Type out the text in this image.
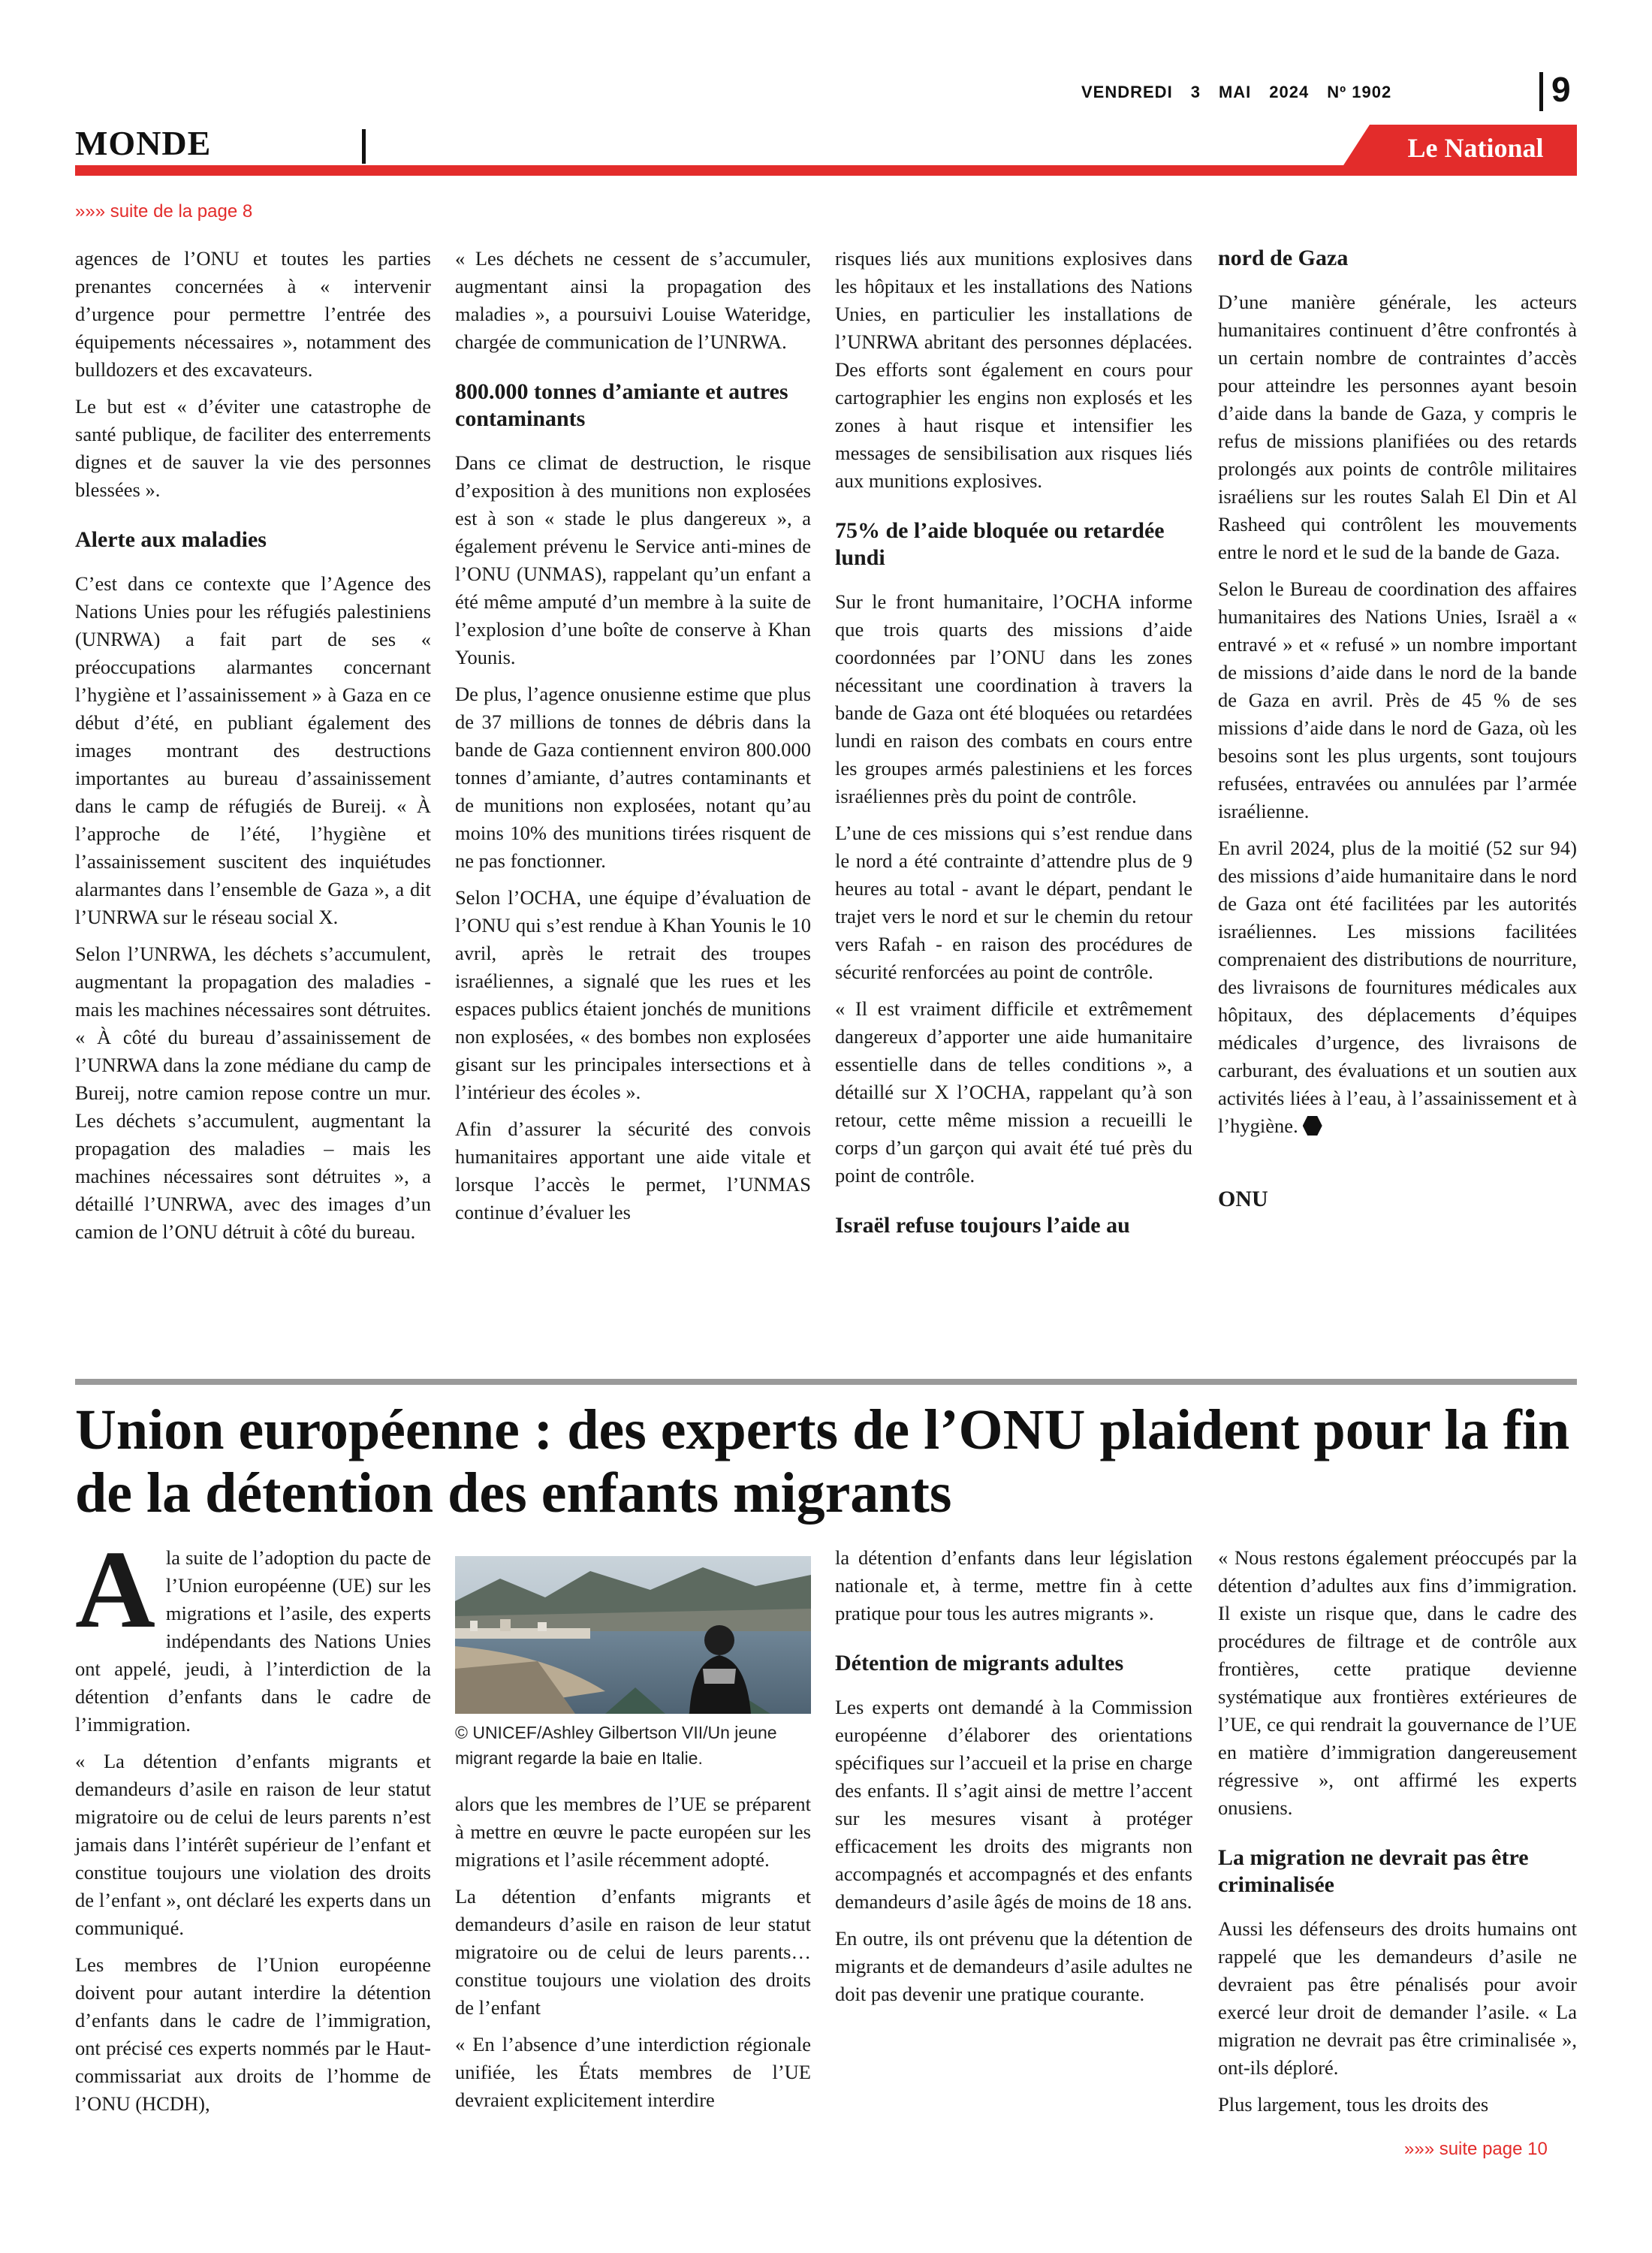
VENDREDI 3 MAI 2024 Nº 1902	9
MONDE	Le National
»»» suite de la page 8

agences de l’ONU et toutes les parties prenantes concernées à « intervenir d’urgence pour permettre l’entrée des équipements nécessaires », notamment des bulldozers et des excavateurs.

Le but est « d’éviter une catastrophe de santé publique, de faciliter des enterrements dignes et de sauver la vie des personnes blessées ».

Alerte aux maladies

C’est dans ce contexte que l’Agence des Nations Unies pour les réfugiés palestiniens (UNRWA) a fait part de ses « préoccupations alarmantes concernant l’hygiène et l’assainissement » à Gaza en ce début d’été, en publiant également des images montrant des destructions importantes au bureau d’assainissement dans le camp de réfugiés de Bureij. « À l’approche de l’été, l’hygiène et l’assainissement suscitent des inquiétudes alarmantes dans l’ensemble de Gaza », a dit l’UNRWA sur le réseau social X.

Selon l’UNRWA, les déchets s’accumulent, augmentant la propagation des maladies - mais les machines nécessaires sont détruites. « À côté du bureau d’assainissement de l’UNRWA dans la zone médiane du camp de Bureij, notre camion repose contre un mur. Les déchets s’accumulent, augmentant la propagation des maladies – mais les machines nécessaires sont détruites », a détaillé l’UNRWA, avec des images d’un camion de l’ONU détruit à côté du bureau.

« Les déchets ne cessent de s’accumuler, augmentant ainsi la propagation des maladies », a poursuivi Louise Wateridge, chargée de communication de l’UNRWA.

800.000 tonnes d’amiante et autres contaminants

Dans ce climat de destruction, le risque d’exposition à des munitions non explosées est à son « stade le plus dangereux », a également prévenu le Service anti-mines de l’ONU (UNMAS), rappelant qu’un enfant a été même amputé d’un membre à la suite de l’explosion d’une boîte de conserve à Khan Younis.

De plus, l’agence onusienne estime que plus de 37 millions de tonnes de débris dans la bande de Gaza contiennent environ 800.000 tonnes d’amiante, d’autres contaminants et de munitions non explosées, notant qu’au moins 10% des munitions tirées risquent de ne pas fonctionner.

Selon l’OCHA, une équipe d’évaluation de l’ONU qui s’est rendue à Khan Younis le 10 avril, après le retrait des troupes israéliennes, a signalé que les rues et les espaces publics étaient jonchés de munitions non explosées, « des bombes non explosées gisant sur les principales intersections et à l’intérieur des écoles ».

Afin d’assurer la sécurité des convois humanitaires apportant une aide vitale et lorsque l’accès le permet, l’UNMAS continue d’évaluer les

risques liés aux munitions explosives dans les hôpitaux et les installations des Nations Unies, en particulier les installations de l’UNRWA abritant des personnes déplacées. Des efforts sont également en cours pour cartographier les engins non explosés et les zones à haut risque et intensifier les messages de sensibilisation aux risques liés aux munitions explosives.

75% de l’aide bloquée ou retardée lundi

Sur le front humanitaire, l’OCHA informe que trois quarts des missions d’aide coordonnées par l’ONU dans les zones nécessitant une coordination à travers la bande de Gaza ont été bloquées ou retardées lundi en raison des combats en cours entre les groupes armés palestiniens et les forces israéliennes près du point de contrôle.

L’une de ces missions qui s’est rendue dans le nord a été contrainte d’attendre plus de 9 heures au total - avant le départ, pendant le trajet vers le nord et sur le chemin du retour vers Rafah - en raison des procédures de sécurité renforcées au point de contrôle.

« Il est vraiment difficile et extrêmement dangereux d’apporter une aide humanitaire essentielle dans de telles conditions », a détaillé sur X l’OCHA, rappelant qu’à son retour, cette même mission a recueilli le corps d’un garçon qui avait été tué près du point de contrôle.

Israël refuse toujours l’aide au
nord de Gaza

D’une manière générale, les acteurs humanitaires continuent d’être confrontés à un certain nombre de contraintes d’accès pour atteindre les personnes ayant besoin d’aide dans la bande de Gaza, y compris le refus de missions planifiées ou des retards prolongés aux points de contrôle militaires israéliens sur les routes Salah El Din et Al Rasheed qui contrôlent les mouvements entre le nord et le sud de la bande de Gaza.

Selon le Bureau de coordination des affaires humanitaires des Nations Unies, Israël a « entravé » et « refusé » un nombre important de missions d’aide dans le nord de la bande de Gaza en avril. Près de 45 % de ses missions d’aide dans le nord de Gaza, où les besoins sont les plus urgents, sont toujours refusées, entravées ou annulées par l’armée israélienne.

En avril 2024, plus de la moitié (52 sur 94) des missions d’aide humanitaire dans le nord de Gaza ont été facilitées par les autorités israéliennes. Les missions facilitées comprenaient des distributions de nourriture, des livraisons de fournitures médicales aux hôpitaux, des déplacements d’équipes médicales d’urgence, des livraisons de carburant, des évaluations et un soutien aux activités liées à l’eau, à l’assainissement et à l’hygiène.

ONU
Union européenne : des experts de l’ONU plaident pour la fin de la détention des enfants migrants

Ala suite de l’adoption du pacte de l’Union européenne (UE) sur les migrations et l’asile, des experts indépendants des Nations Unies ont appelé, jeudi, à l’interdiction de la détention d’enfants dans le cadre de l’immigration.

« La détention d’enfants migrants et demandeurs d’asile en raison de leur statut migratoire ou de celui de leurs parents n’est jamais dans l’intérêt supérieur de l’enfant et constitue toujours une violation des droits de l’enfant », ont déclaré les experts dans un communiqué.

Les membres de l’Union européenne doivent pour autant interdire la détention d’enfants dans le cadre de l’immigration, ont précisé ces experts nommés par le Haut-commissariat aux droits de l’homme de l’ONU (HCDH),

© UNICEF/Ashley Gilbertson VII/Un jeune migrant regarde la baie en Italie.

alors que les membres de l’UE se préparent à mettre en œuvre le pacte européen sur les migrations et l’asile récemment adopté.

La détention d’enfants migrants et demandeurs d’asile en raison de leur statut migratoire ou de celui de leurs parents… constitue toujours une violation des droits de l’enfant

« En l’absence d’une interdiction régionale unifiée, les États membres de l’UE devraient explicitement interdire

la détention d’enfants dans leur législation nationale et, à terme, mettre fin à cette pratique pour tous les autres migrants ».

Détention de migrants adultes

Les experts ont demandé à la Commission européenne d’élaborer des orientations spécifiques sur l’accueil et la prise en charge des enfants. Il s’agit ainsi de mettre l’accent sur les mesures visant à protéger efficacement les droits des migrants non accompagnés et accompagnés et des enfants demandeurs d’asile âgés de moins de 18 ans.

En outre, ils ont prévenu que la détention de migrants et de demandeurs d’asile adultes ne doit pas devenir une pratique courante.

« Nous restons également préoccupés par la détention d’adultes aux fins d’immigration. Il existe un risque que, dans le cadre des procédures de filtrage et de contrôle aux frontières, cette pratique devienne systématique aux frontières extérieures de l’UE, ce qui rendrait la gouvernance de l’UE en matière d’immigration dangereusement régressive », ont affirmé les experts onusiens.

La migration ne devrait pas être criminalisée

Aussi les défenseurs des droits humains ont rappelé que les demandeurs d’asile ne devraient pas être pénalisés pour avoir exercé leur droit de demander l’asile. « La migration ne devrait pas être criminalisée », ont-ils déploré.

Plus largement, tous les droits des

»»» suite page 10
